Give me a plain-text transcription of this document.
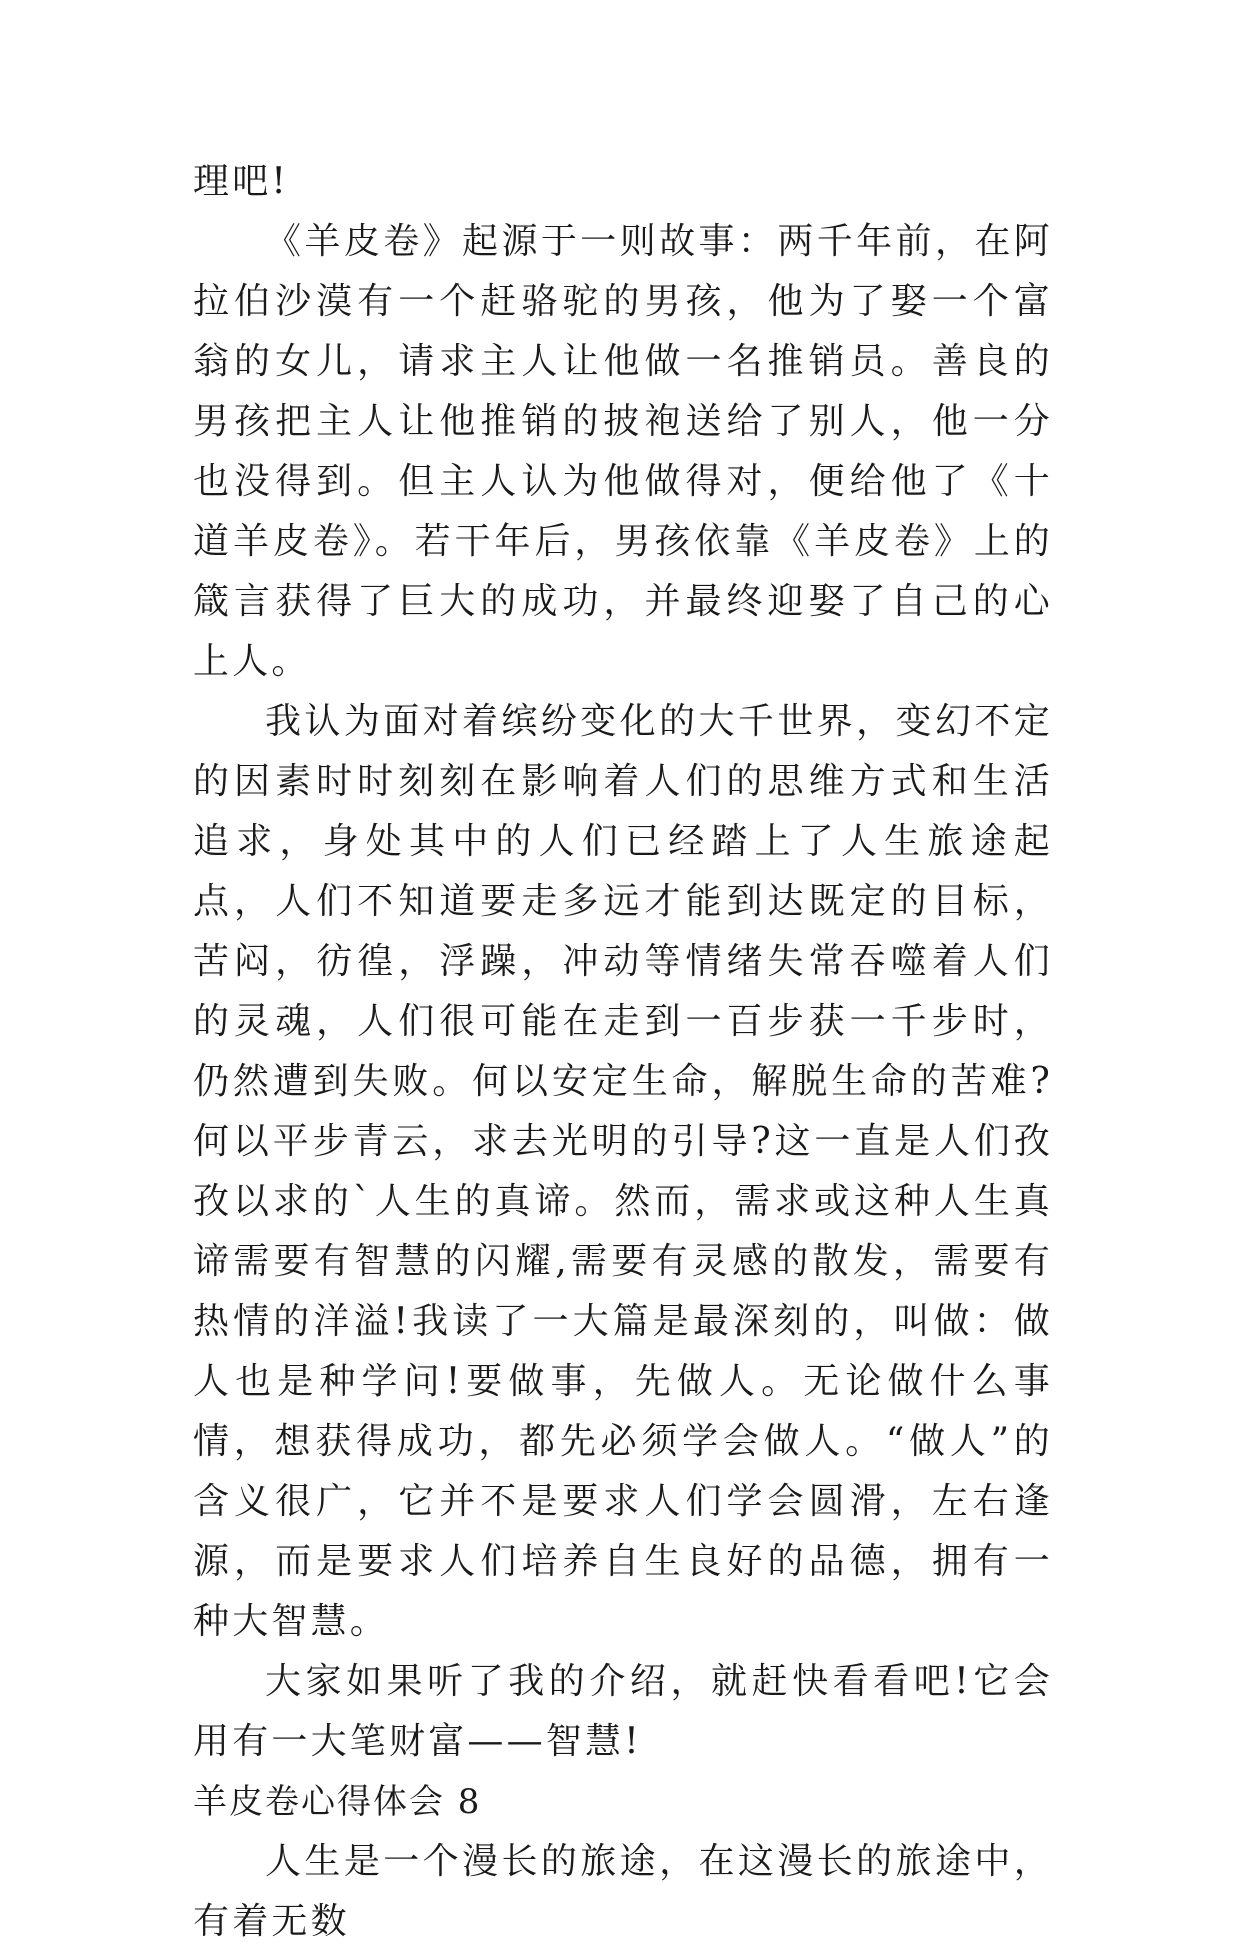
理吧!

《羊皮卷》起源于一则故事：两千年前，在阿拉伯沙漠有一个赶骆驼的男孩，他为了娶一个富翁的女儿，请求主人让他做一名推销员。善良的男孩把主人让他推销的披袍送给了别人，他一分也没得到。但主人认为他做得对，便给他了《十道羊皮卷》。若干年后，男孩依靠《羊皮卷》上的箴言获得了巨大的成功，并最终迎娶了自己的心上人。

我认为面对着缤纷变化的大千世界，变幻不定的因素时时刻刻在影响着人们的思维方式和生活追求，身处其中的人们已经踏上了人生旅途起点，人们不知道要走多远才能到达既定的目标，苦闷，彷徨，浮躁，冲动等情绪失常吞噬着人们的灵魂，人们很可能在走到一百步获一千步时，仍然遭到失败。何以安定生命，解脱生命的苦难?何以平步青云，求去光明的引导?这一直是人们孜孜以求的`人生的真谛。然而，需求或这种人生真谛需要有智慧的闪耀,需要有灵感的散发，需要有热情的洋溢!我读了一大篇是最深刻的，叫做：做人也是种学问!要做事，先做人。无论做什么事情，想获得成功，都先必须学会做人。“做人”的含义很广，它并不是要求人们学会圆滑，左右逢源，而是要求人们培养自生良好的品德，拥有一种大智慧。

大家如果听了我的介绍，就赶快看看吧!它会用有一大笔财富——智慧!

羊皮卷心得体会 8

人生是一个漫长的旅途，在这漫长的旅途中，有着无数
